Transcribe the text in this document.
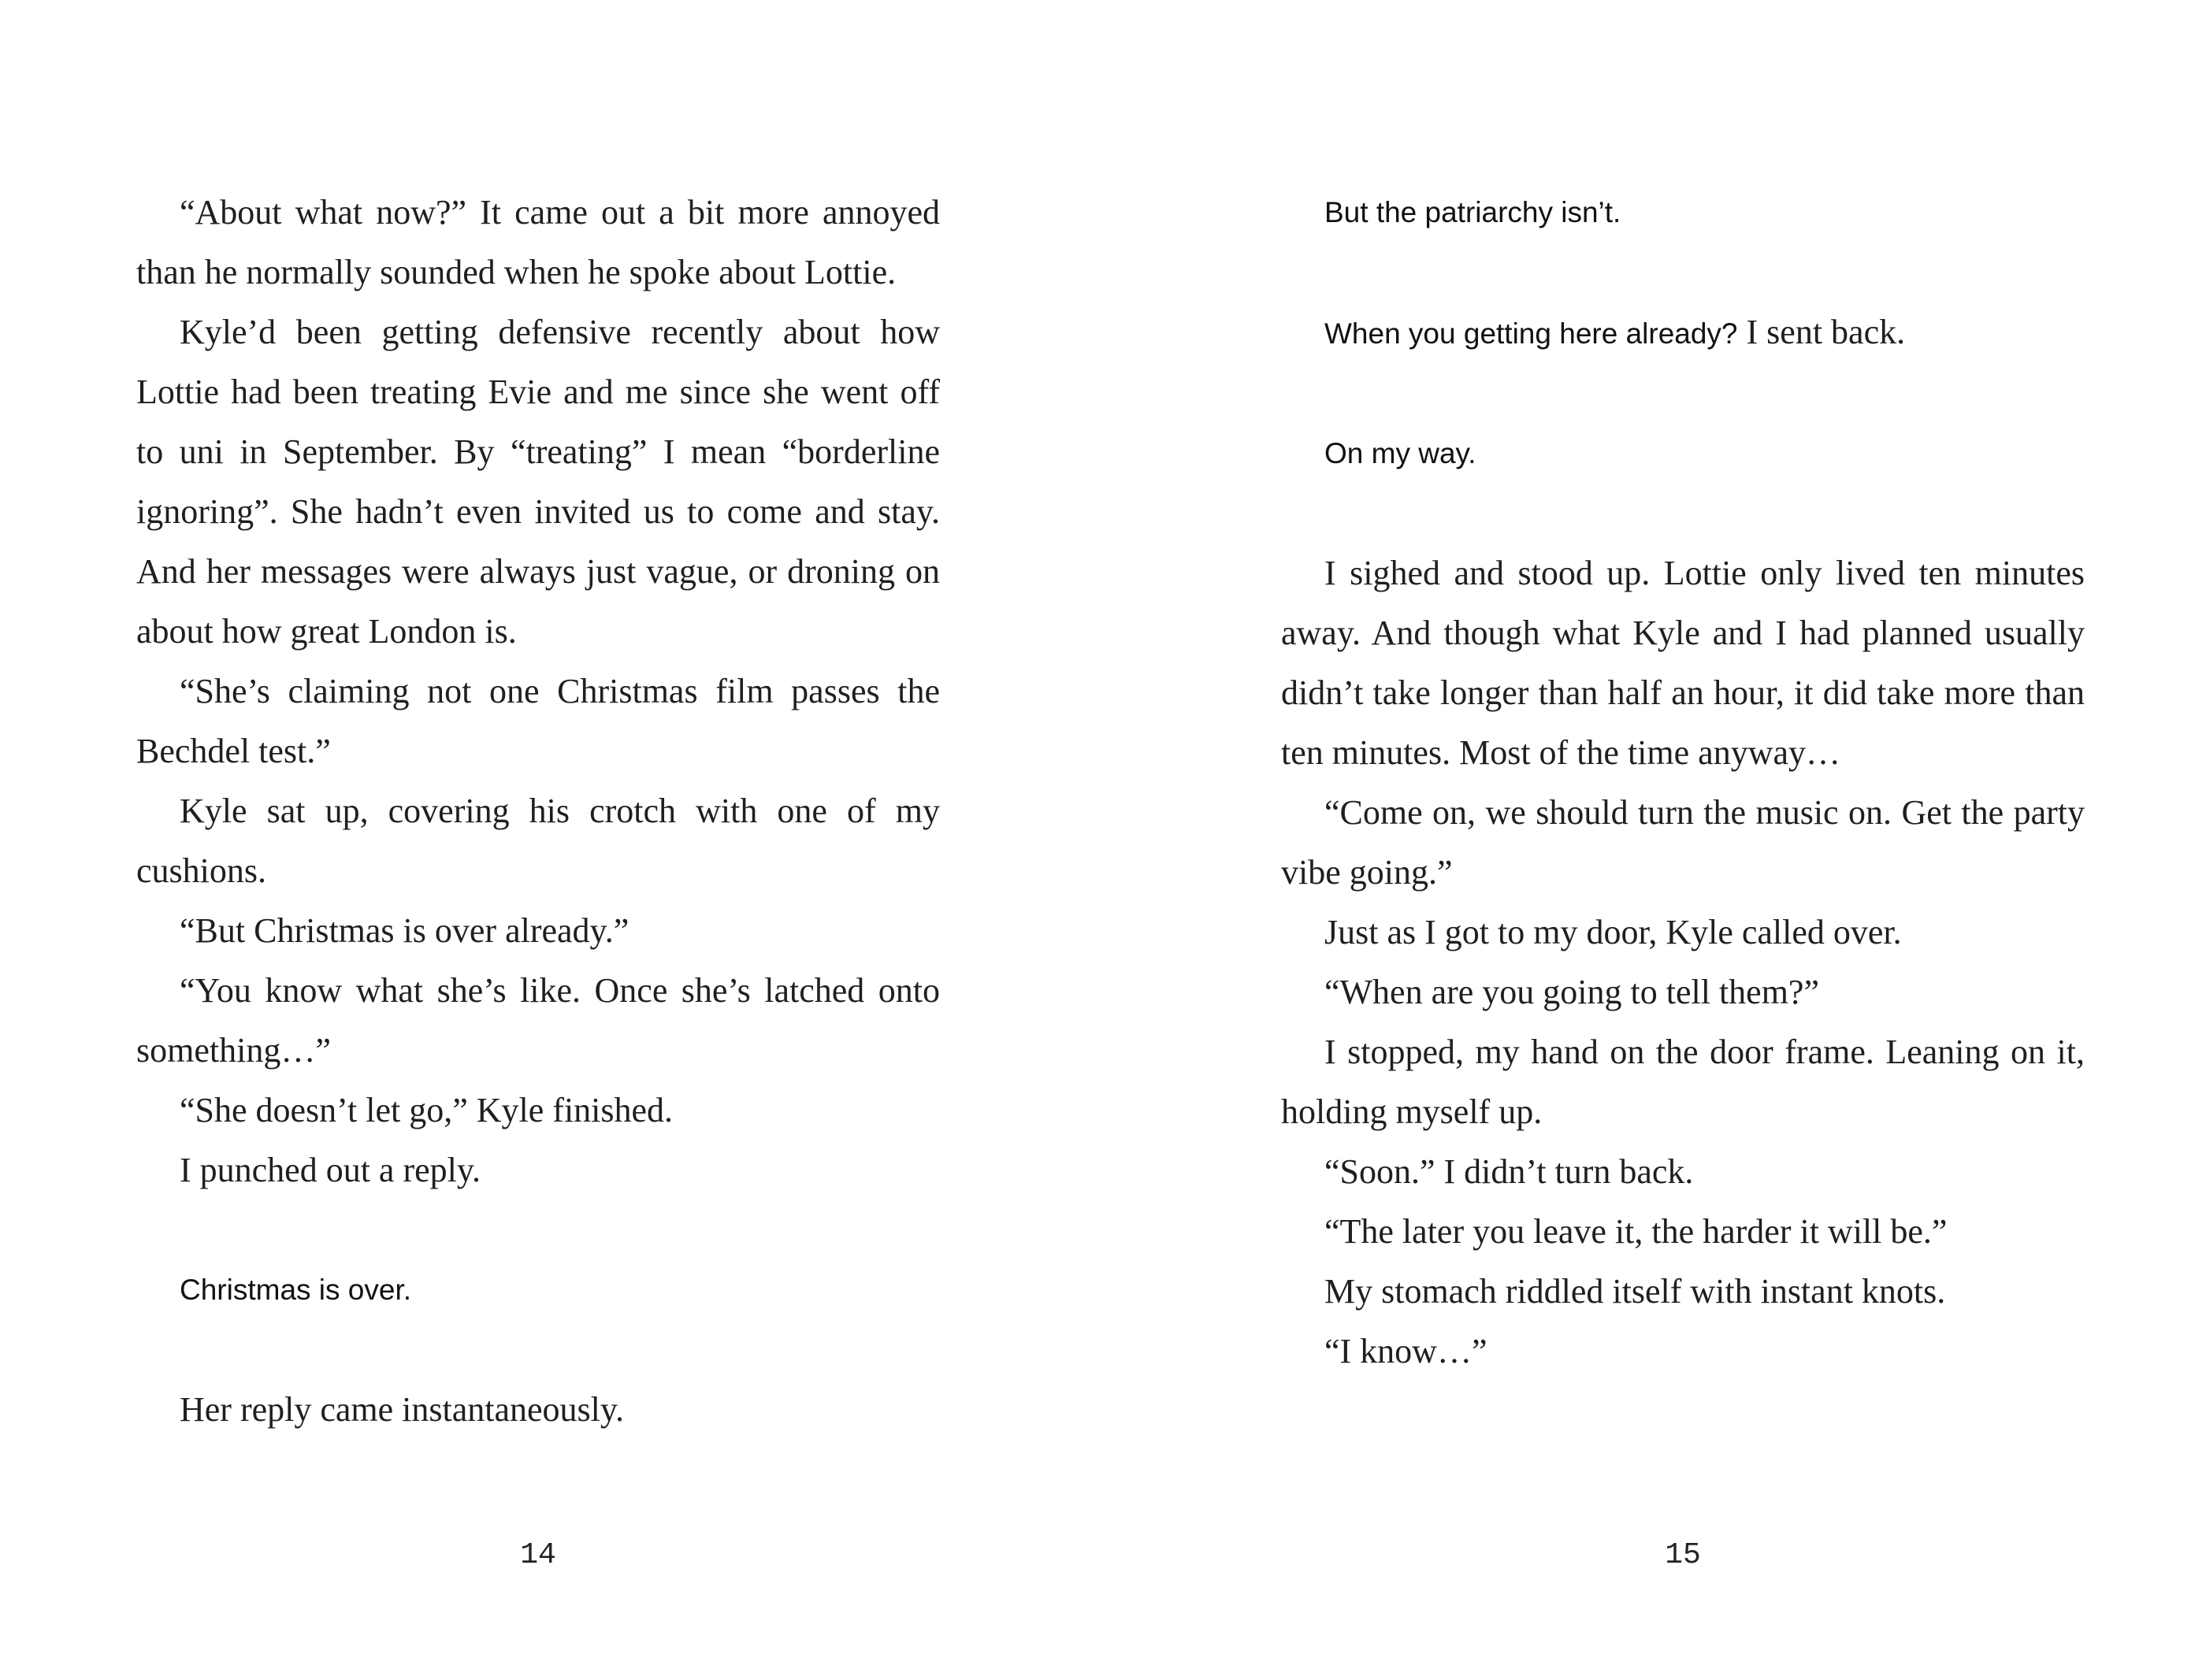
“About what now?” It came out a bit more annoyed than he normally sounded when he spoke about Lottie.

Kyle’d been getting defensive recently about how Lottie had been treating Evie and me since she went off to uni in September. By “treating” I mean “borderline ignoring”. She hadn’t even invited us to come and stay. And her messages were always just vague, or droning on about how great London is.

“She’s claiming not one Christmas film passes the Bechdel test.”

Kyle sat up, covering his crotch with one of my cushions.

“But Christmas is over already.”

“You know what she’s like. Once she’s latched onto something…”

“She doesn’t let go,” Kyle finished.

I punched out a reply.

Christmas is over.

Her reply came instantaneously.

14

But the patriarchy isn’t.

When you getting here already? I sent back.

On my way.

I sighed and stood up. Lottie only lived ten minutes away. And though what Kyle and I had planned usually didn’t take longer than half an hour, it did take more than ten minutes. Most of the time anyway…

“Come on, we should turn the music on. Get the party vibe going.”

Just as I got to my door, Kyle called over.

“When are you going to tell them?”

I stopped, my hand on the door frame. Leaning on it, holding myself up.

“Soon.” I didn’t turn back.

“The later you leave it, the harder it will be.”

My stomach riddled itself with instant knots.

“I know…”

15
